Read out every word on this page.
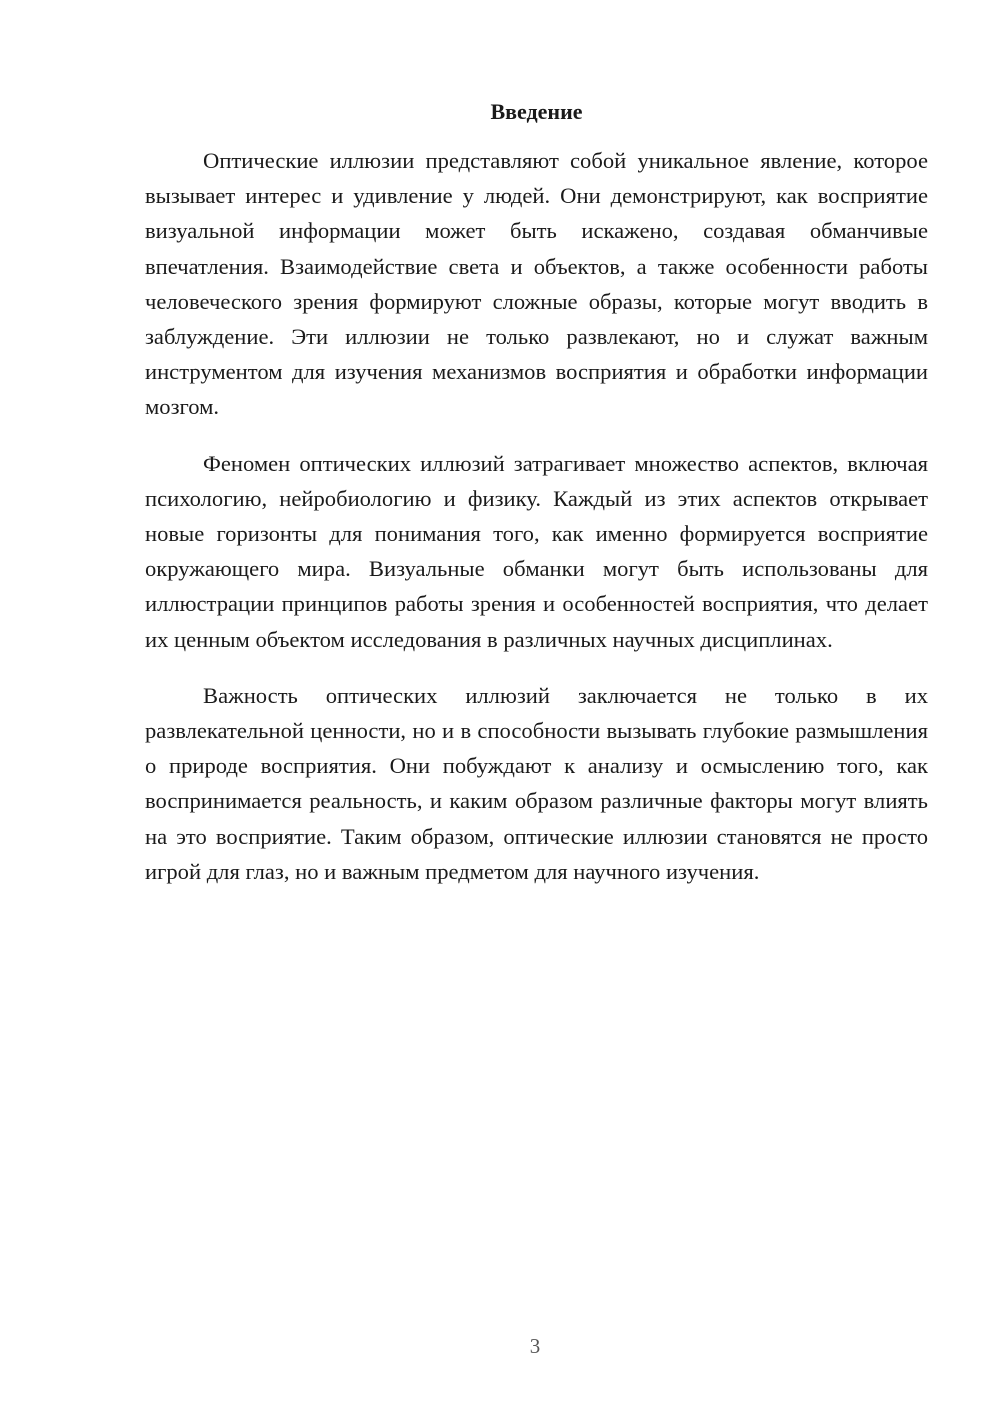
Введение

Оптические иллюзии представляют собой уникальное явление, которое вызывает интерес и удивление у людей. Они демонстрируют, как восприятие визуальной информации может быть искажено, создавая обманчивые впечатления. Взаимодействие света и объектов, а также особенности работы человеческого зрения формируют сложные образы, которые могут вводить в заблуждение. Эти иллюзии не только развлекают, но и служат важным инструментом для изучения механизмов восприятия и обработки информации мозгом.

Феномен оптических иллюзий затрагивает множество аспектов, включая психологию, нейробиологию и физику. Каждый из этих аспектов открывает новые горизонты для понимания того, как именно формируется восприятие окружающего мира. Визуальные обманки могут быть использованы для иллюстрации принципов работы зрения и особенностей восприятия, что делает их ценным объектом исследования в различных научных дисциплинах.

Важность оптических иллюзий заключается не только в их развлекательной ценности, но и в способности вызывать глубокие размышления о природе восприятия. Они побуждают к анализу и осмыслению того, как воспринимается реальность, и каким образом различные факторы могут влиять на это восприятие. Таким образом, оптические иллюзии становятся не просто игрой для глаз, но и важным предметом для научного изучения.

3
